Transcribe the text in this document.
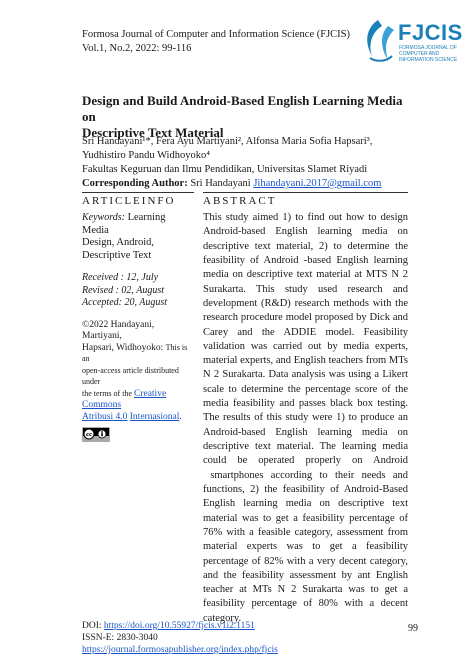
Formosa Journal of Computer and Information Science (FJCIS)
Vol.1, No.2, 2022: 99-116
FJCIS
FORMOSA JOURNAL OF
COMPUTER AND
INFORMATION SCIENCE
Design and Build Android-Based English Learning Media on
Descriptive Text Material
Sri Handayani¹*, Fera Ayu Martiyani², Alfonsa Maria Sofia Hapsari³,
Yudhistiro Pandu Widhoyoko⁴
Fakultas Keguruan dan Ilmu Pendidikan, Universitas Slamet Riyadi
Corresponding Author: Sri Handayani Jihandayani.2017@gmail.com
ARTICLEINFO	ABSTRACT

Keywords: Learning Media
Design, Android,
Descriptive Text

Received : 12, July
Revised : 02, August
Accepted: 20, August

©2022 Handayani, Martiyani,
Hapsari, Widhoyoko: This is an
open-access article distributed under
the terms of the Creative Commons
Atribusi 4.0 Internasional.
cc
This study aimed 1) to find out how to design
Android-based English learning media on
descriptive text material, 2) to determine the
feasibility of Android -based English learning
media on descriptive text material at MTS N 2
Surakarta. This study used research and
development (R&D) research methods with the
research procedure model proposed by Dick and
Carey and the ADDIE model. Feasibility
validation was carried out by media experts,
material experts, and English teachers from MTs
N 2 Surakarta. Data analysis was using a Likert
scale to determine the percentage score of the
media feasibility and passes black box testing.
The results of this study were 1) to produce an
Android-based English learning media on
descriptive text material. The learning media
could be operated properly on Android
smartphones according to their needs and
functions, 2) the feasibility of Android-Based
English learning media on descriptive text
material was to get a feasibility percentage of
76% with a feasible category, assessment from
material experts was to get a feasibility
percentage of 82% with a very decent category,
and the feasibility assessment by ant English
teacher at MTs N 2 Surakarta was to get a
feasibility percentage of 80% with a decent
category.
DOI: https://doi.org/10.55927/fjcis.v1i2.1151
ISSN-E: 2830-3040
https://journal.formosapublisher.org/index.php/fjcis
99
